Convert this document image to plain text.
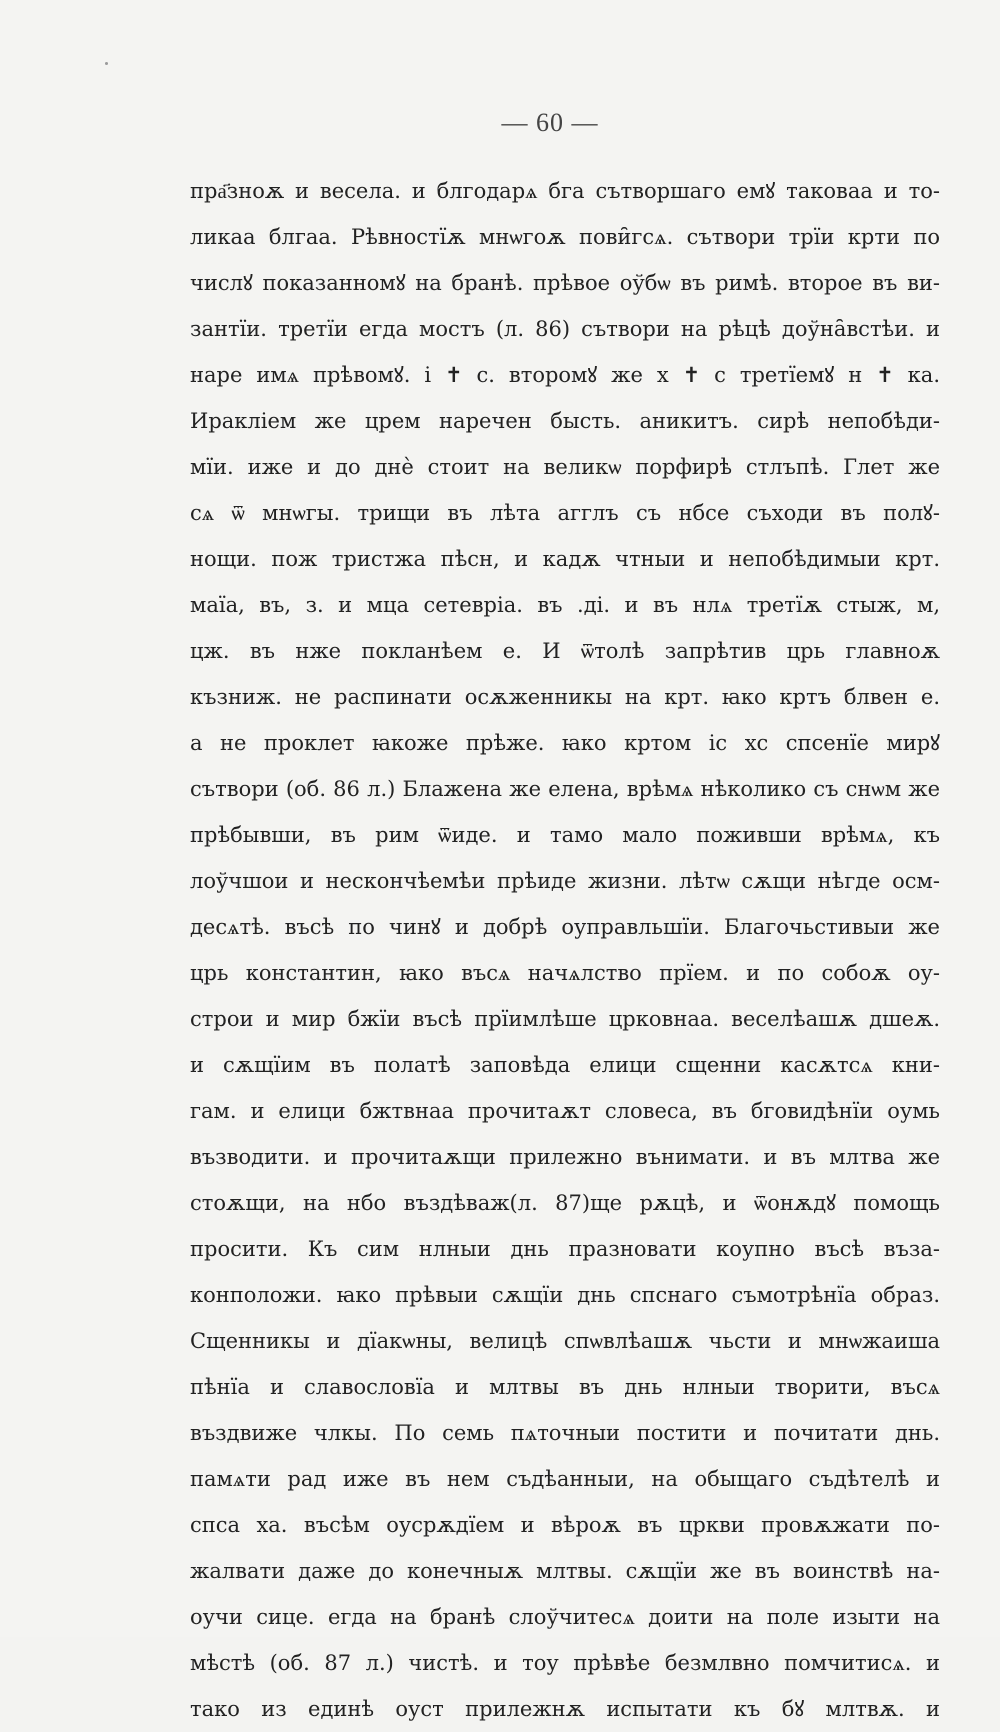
— 60 —
пра҃зноѫ и весела. и блгодарѧ бга сътворшаго емꙋ таковаа и то-
ликаа блгаа. Рѣвностїѫ мнѡгоѫ пови̑гсѧ. сътвори трїи крти по
числꙋ показанномꙋ на бранѣ. прѣвое оўбѡ въ римѣ. второе въ ви-
зантїи. третїи егда мостъ (л. 86) сътвори на рѣцѣ доўна̑встѣи. и
наре имѧ прѣвомꙋ. і ✝ с. второмꙋ же х ✝ с третїемꙋ н ✝ ка.
Иракліем же црем наречен бысть. аникитъ. сирѣ непобѣди-
мїи. иже и до днѐ стоит на великѡ порфирѣ стлъпѣ. Глет же
сѧ ѿ мнѡгы. трищи въ лѣта агглъ съ нбсе съходи въ полꙋ-
нощи. пож тристжа пѣсн, и кадѫ чтныи и непобѣдимыи крт.
маїа, въ, з. и мца сетевріа. въ .ді. и въ нлѧ третїѫ стыж, м,
цж. въ нже покланѣем е. И ѿтолѣ запрѣтив црь главноѫ
къзниж. не распинати осѫженникы на крт. ꙗко кртъ блвен е.
а не проклет ꙗкоже прѣже. ꙗко кртом іс хс спсенїе мирꙋ
сътвори (об. 86 л.) Блажена же елена, врѣмѧ нѣколико съ снѡм же
прѣбывши, въ рим ѿиде. и тамо мало поживши врѣмѧ, къ
лоўчшои и нескончѣемѣи прѣиде жизни. лѣтѡ сѫщи нѣгде осм-
десѧтѣ. въсѣ по чинꙋ и добрѣ оуправльшїи. Благочьстивыи же
црь константин, ꙗко въсѧ начѧлство прїем. и по собоѫ оу-
строи и мир бжїи въсѣ прїимлѣше црковнаа. веселѣашѫ дшеѫ.
и сѫщїим въ полатѣ заповѣда елици сщенни касѫтсѧ кни-
гам. и елици бжтвнаа прочитаѫт словеса, въ бговидѣнїи оумь
възводити. и прочитаѫщи прилежно вънимати. и въ млтва же
стоѫщи, на нбо въздѣваж(л. 87)ще рѫцѣ, и ѿонѫдꙋ помощь
просити. Къ сим нлныи днь празновати коупно въсѣ въза-
конположи. ꙗко прѣвыи сѫщїи днь спснаго съмотрѣнїа образ.
Сщенникы и дїакѡны, велицѣ спѡвлѣашѫ чьсти и мнѡжаиша
пѣнїа и славословїа и млтвы въ днь нлныи творити, въсѧ
въздвиже члкы. По семь пѧточныи постити и почитати днь.
памѧти рад иже въ нем съдѣанныи, на обыщаго съдѣтелѣ и
спса ха. въсѣм оусрѫдїем и вѣроѫ въ цркви провѫжати по-
жалвати даже до конечныѫ млтвы. сѫщїи же въ воинствѣ на-
оучи сице. егда на бранѣ слоўчитесѧ доити на поле изыти на
мѣстѣ (об. 87 л.) чистѣ. и тоу прѣвѣе безмлвно помчитисѧ. и
тако из единѣ оуст прилежнѫ испытати къ бꙋ млтвѫ. и
